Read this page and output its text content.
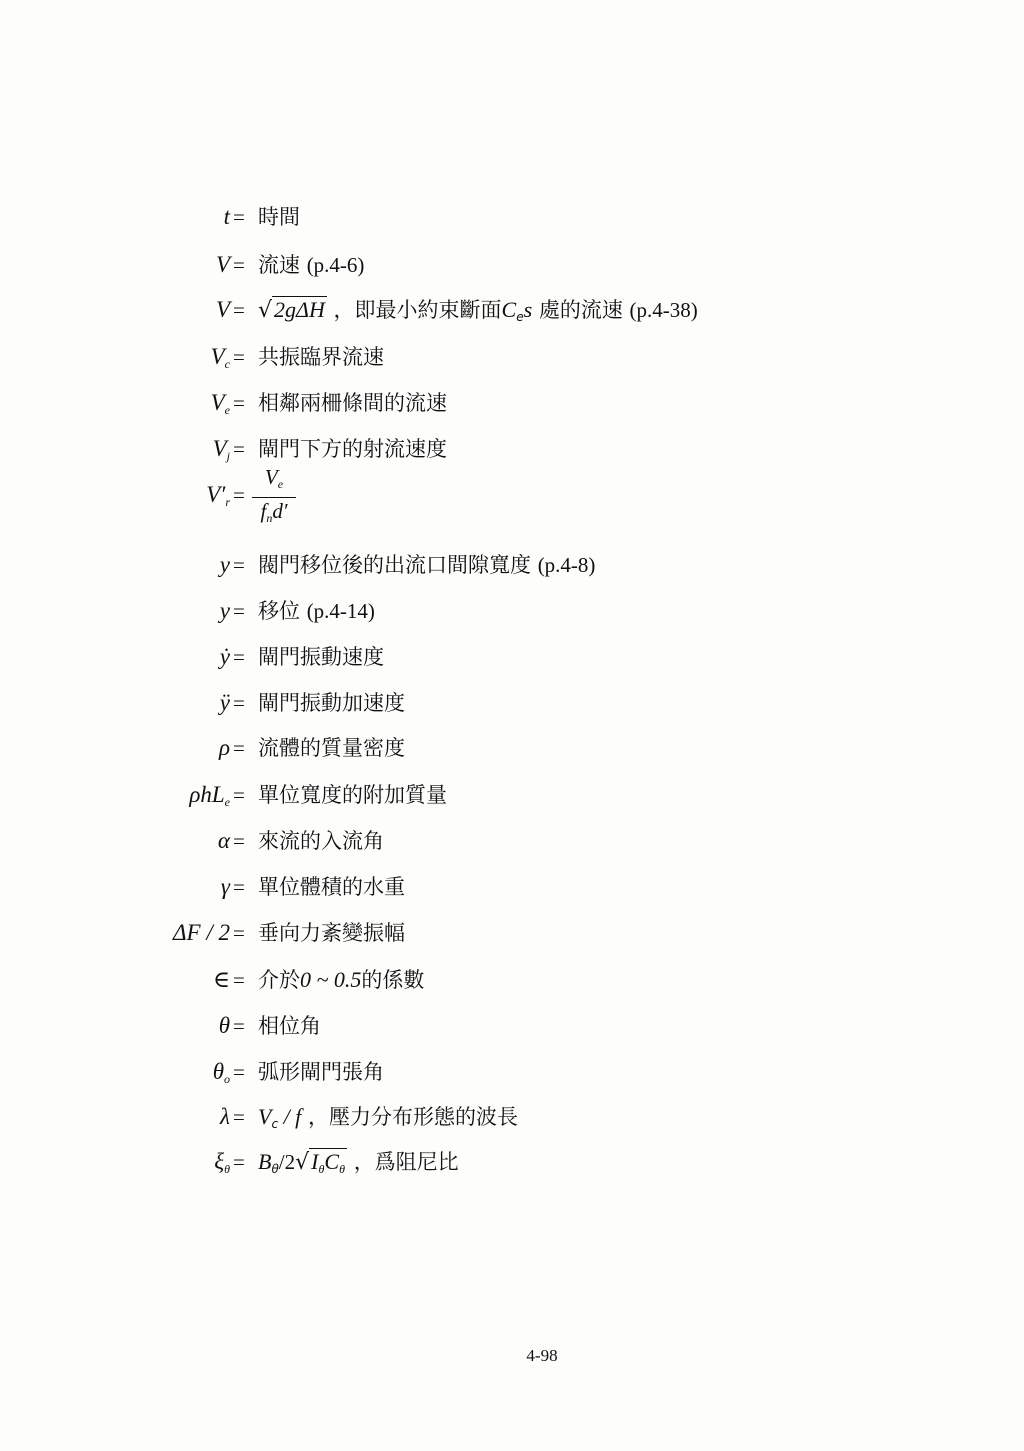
t = 時間
V = 流速 (p.4-6)
V = √2gΔH ，即最小約束斷面$C_es$ 處的流速 (p.4-38)
$V_c$ = 共振臨界流速
$V_e$ = 相鄰兩柵條間的流速
$V_j$ = 閘門下方的射流速度
$V'_r$ =
$V_e$
$f_nd'$
y = 閥門移位後的出流口間隙寬度 (p.4-8)
y = 移位 (p.4-14)
ẏ = 閘門振動速度
ÿ = 閘門振動加速度
ρ = 流體的質量密度
ρhL$_e$ = 單位寬度的附加質量
α = 來流的入流角
γ = 單位體積的水重
ΔF / 2 = 垂向力紊變振幅
∈ = 介於0 ~ 0.5的係數
θ = 相位角
$\theta_o$ = 弧形閘門張角
$\lambda = V_c / f$ ，壓力分布形態的波長
$\xi_\theta = B_\theta/2√I_\theta C_\theta$ ，爲阻尼比
4-98
